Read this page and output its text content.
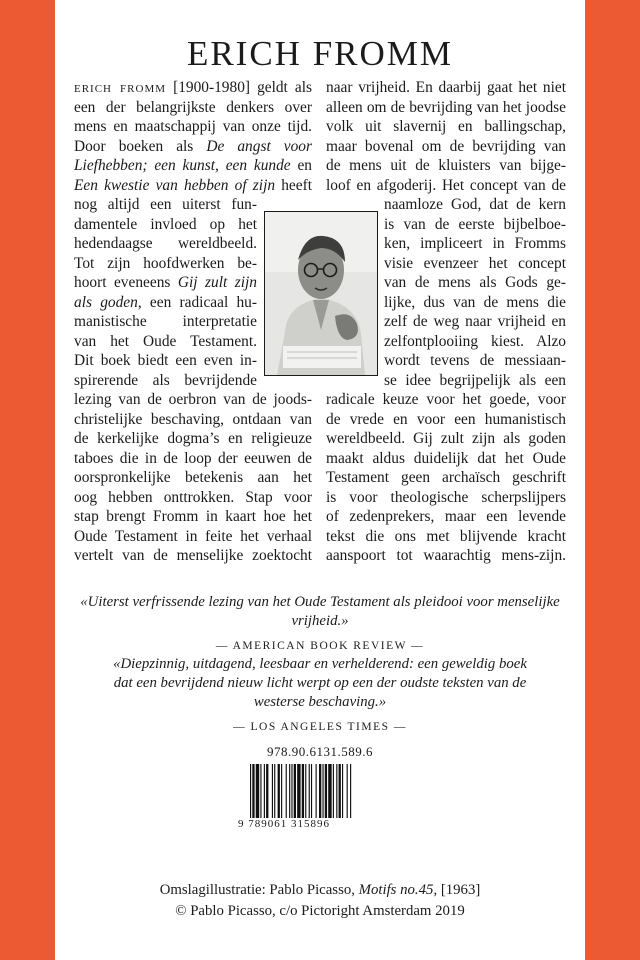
ERICH FROMM
erich fromm [1900-1980] geldt als
een der belangrijkste denkers over
mens en maatschappij van onze tijd.
Door boeken als De angst voor
Liefhebben; een kunst, een kunde en
Een kwestie van hebben of zijn heeft
nog altijd een uiterst fun-
damentele invloed op het
hedendaagse wereldbeeld.
Tot zijn hoofdwerken be-
hoort eveneens Gij zult zijn
als goden, een radicaal hu-
manistische interpretatie
van het Oude Testament.
Dit boek biedt een even in-
spirerende als bevrijdende
lezing van de oerbron van de joods-
christelijke beschaving, ontdaan van
de kerkelijke dogma’s en religieuze
taboes die in de loop der eeuwen de
oorspronkelijke betekenis aan het
oog hebben onttrokken. Stap voor
stap brengt Fromm in kaart hoe het
Oude Testament in feite het verhaal
vertelt van de menselijke zoektocht
naar vrijheid. En daarbij gaat het niet
alleen om de bevrijding van het joodse
volk uit slavernij en ballingschap,
maar bovenal om de bevrijding van
de mens uit de kluisters van bijge-
loof en afgoderij. Het concept van de
naamloze God, dat de kern
is van de eerste bijbelboe-
ken, impliceert in Fromms
visie evenzeer het concept
van de mens als Gods ge-
lijke, dus van de mens die
zelf de weg naar vrijheid en
zelfontplooiing kiest. Alzo
wordt tevens de messiaan-
se idee begrijpelijk als een
radicale keuze voor het goede, voor
de vrede en voor een humanistisch
wereldbeeld. Gij zult zijn als goden
maakt aldus duidelijk dat het Oude
Testament geen archaïsch geschrift
is voor theologische scherpslijpers
of zedenprekers, maar een levende
tekst die ons met blijvende kracht
aanspoort tot waarachtig mens-zijn.
«Uiterst verfrissende lezing van het Oude Testament als pleidooi voor menselijke vrijheid.»
— AMERICAN BOOK REVIEW —
«Diepzinnig, uitdagend, leesbaar en verhelderend: een geweldig boek dat een bevrijdend nieuw licht werpt op een der oudste teksten van de westerse beschaving.»
— LOS ANGELES TIMES —
978.90.6131.589.6
9 789061 315896
Omslagillustratie: Pablo Picasso, Motifs no.45, [1963]
© Pablo Picasso, c/o Pictoright Amsterdam 2019
